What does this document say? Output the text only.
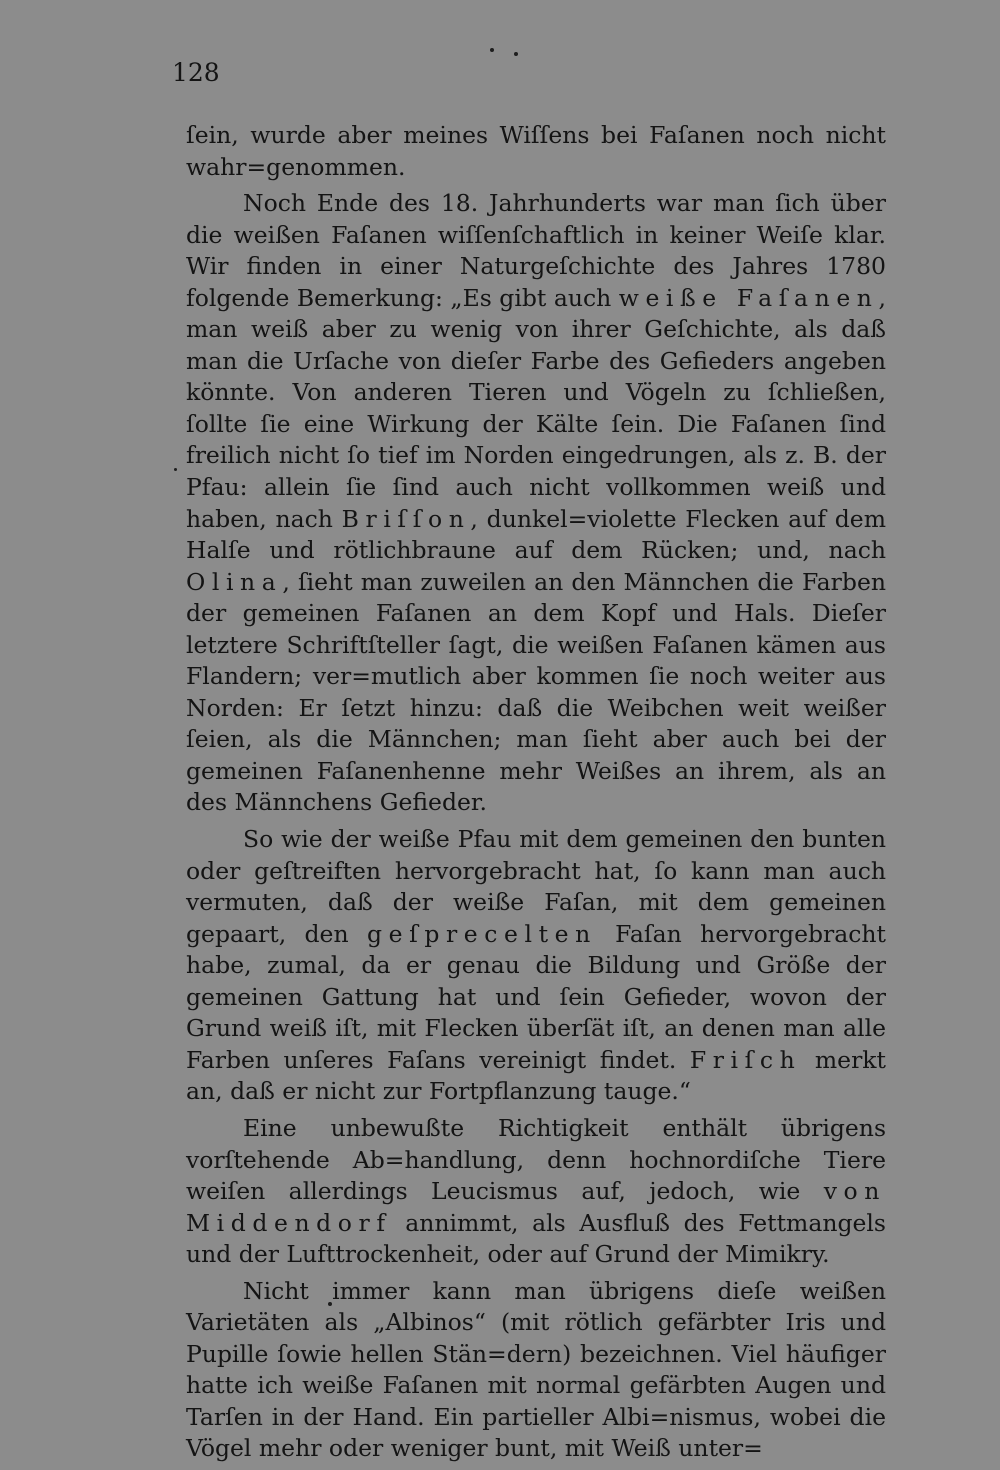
128

ſein, wurde aber meines Wiſſens bei Faſanen noch nicht wahr=genommen.

Noch Ende des 18. Jahrhunderts war man ſich über die weißen Faſanen wiſſenſchaftlich in keiner Weiſe klar. Wir finden in einer Naturgeſchichte des Jahres 1780 folgende Bemerkung: „Es gibt auch weiße Faſanen, man weiß aber zu wenig von ihrer Geſchichte, als daß man die Urſache von dieſer Farbe des Gefieders angeben könnte. Von anderen Tieren und Vögeln zu ſchließen, ſollte ſie eine Wirkung der Kälte ſein. Die Faſanen ſind freilich nicht ſo tief im Norden eingedrungen, als z. B. der Pfau: allein ſie ſind auch nicht vollkommen weiß und haben, nach Briſſon, dunkel=violette Flecken auf dem Halſe und rötlichbraune auf dem Rücken; und, nach Olina, ſieht man zuweilen an den Männchen die Farben der gemeinen Faſanen an dem Kopf und Hals. Dieſer letztere Schriftſteller ſagt, die weißen Faſanen kämen aus Flandern; ver=mutlich aber kommen ſie noch weiter aus Norden: Er ſetzt hinzu: daß die Weibchen weit weißer ſeien, als die Männchen; man ſieht aber auch bei der gemeinen Faſanenhenne mehr Weißes an ihrem, als an des Männchens Gefieder.

So wie der weiße Pfau mit dem gemeinen den bunten oder geſtreiften hervorgebracht hat, ſo kann man auch vermuten, daß der weiße Faſan, mit dem gemeinen gepaart, den geſprecelten Faſan hervorgebracht habe, zumal, da er genau die Bildung und Größe der gemeinen Gattung hat und ſein Gefieder, wovon der Grund weiß iſt, mit Flecken überſät iſt, an denen man alle Farben unſeres Faſans vereinigt findet. Friſch merkt an, daß er nicht zur Fortpflanzung tauge.“

Eine unbewußte Richtigkeit enthält übrigens vorſtehende Ab=handlung, denn hochnordiſche Tiere weiſen allerdings Leucismus auf, jedoch, wie von Middendorf annimmt, als Ausfluß des Fettmangels und der Lufttrockenheit, oder auf Grund der Mimikry.

Nicht immer kann man übrigens dieſe weißen Varietäten als „Albinos“ (mit rötlich gefärbter Iris und Pupille ſowie hellen Stän=dern) bezeichnen. Viel häufiger hatte ich weiße Faſanen mit normal gefärbten Augen und Tarſen in der Hand. Ein partieller Albi=nismus, wobei die Vögel mehr oder weniger bunt, mit Weiß unter=
